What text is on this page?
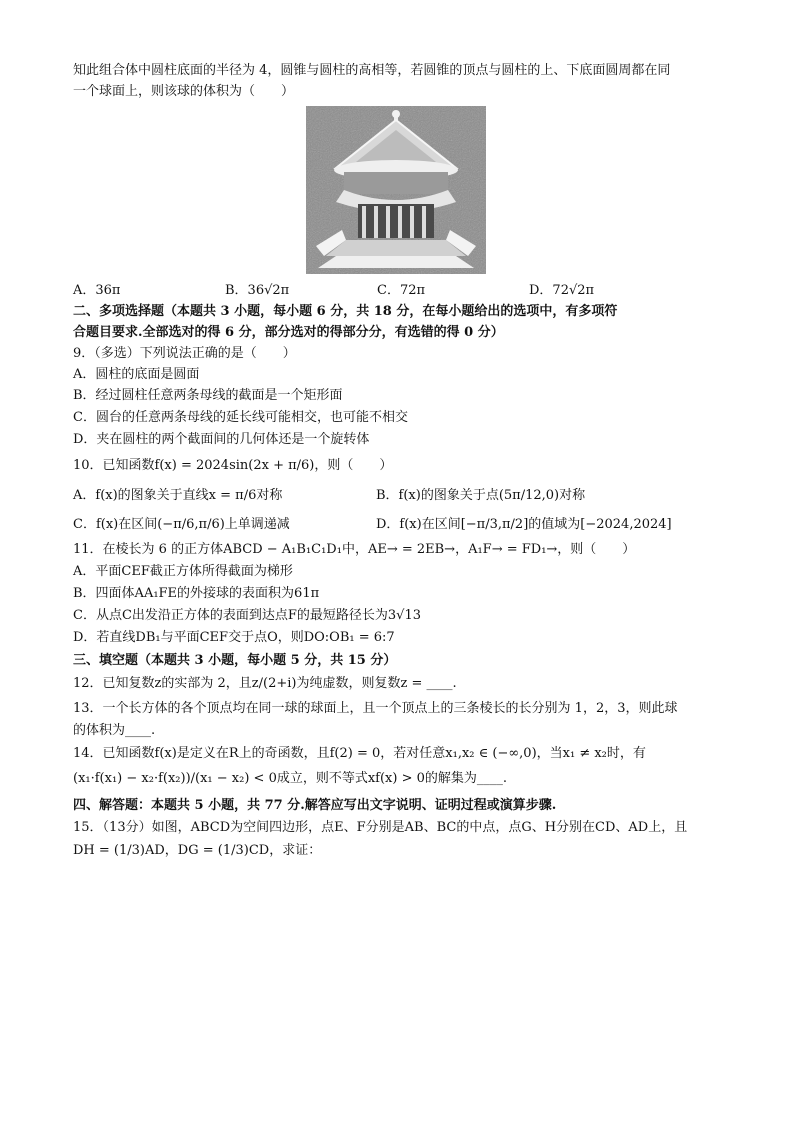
知此组合体中圆柱底面的半径为 4，圆锥与圆柱的高相等，若圆锥的顶点与圆柱的上、下底面圆周都在同
一个球面上，则该球的体积为（　　）
A．36π	B．36√2π	C．72π	D．72√2π
二、多项选择题（本题共 3 小题，每小题 6 分，共 18 分，在每小题给出的选项中，有多项符
合题目要求.全部选对的得 6 分，部分选对的得部分分，有选错的得 0 分）
9．（多选）下列说法正确的是（　　）
A．圆柱的底面是圆面
B．经过圆柱任意两条母线的截面是一个矩形面
C．圆台的任意两条母线的延长线可能相交，也可能不相交
D．夹在圆柱的两个截面间的几何体还是一个旋转体
10．已知函数f(x) = 2024sin(2x + π/6)，则（　　）
A．f(x)的图象关于直线x = π/6对称	B．f(x)的图象关于点(5π/12,0)对称
C．f(x)在区间(−π/6,π/6)上单调递减	D．f(x)在区间[−π/3,π/2]的值域为[−2024,2024]
11．在棱长为 6 的正方体ABCD − A₁B₁C₁D₁中，AE→ = 2EB→，A₁F→ = FD₁→，则（　　）
A．平面CEF截正方体所得截面为梯形
B．四面体AA₁FE的外接球的表面积为61π
C．从点C出发沿正方体的表面到达点F的最短路径长为3√13
D．若直线DB₁与平面CEF交于点O，则DO:OB₁ = 6:7
三、填空题（本题共 3 小题，每小题 5 分，共 15 分）
12．已知复数z的实部为 2，且z/(2+i)为纯虚数，则复数z = ____.
13．一个长方体的各个顶点均在同一球的球面上，且一个顶点上的三条棱长的长分别为 1，2，3，则此球
的体积为____.
14．已知函数f(x)是定义在R上的奇函数，且f(2) = 0，若对任意x₁,x₂ ∈ (−∞,0)，当x₁ ≠ x₂时，有
(x₁·f(x₁) − x₂·f(x₂))/(x₁ − x₂) < 0成立，则不等式xf(x) > 0的解集为____.
四、解答题：本题共 5 小题，共 77 分.解答应写出文字说明、证明过程或演算步骤.
15．（13分）如图，ABCD为空间四边形，点E、F分别是AB、BC的中点，点G、H分别在CD、AD上，且
DH = (1/3)AD，DG = (1/3)CD，求证：
